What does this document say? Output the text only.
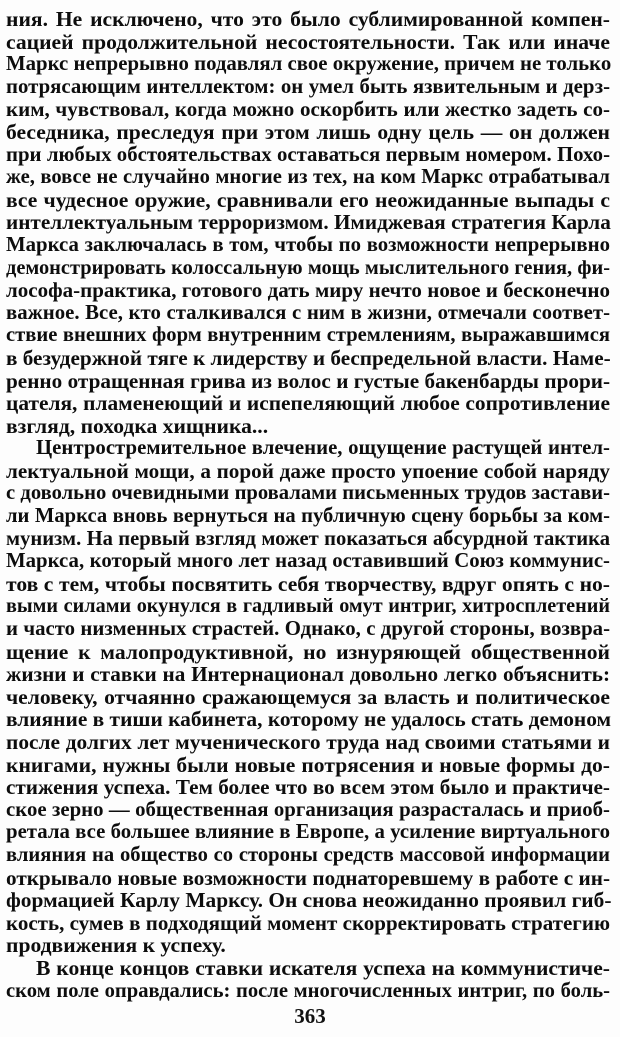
ния. Не исключено, что это было сублимированной компен-
сацией продолжительной несостоятельности. Так или иначе
Маркс непрерывно подавлял свое окружение, причем не только
потрясающим интеллектом: он умел быть язвительным и дерз-
ким, чувствовал, когда можно оскорбить или жестко задеть со-
беседника, преследуя при этом лишь одну цель — он должен
при любых обстоятельствах оставаться первым номером. Похо-
же, вовсе не случайно многие из тех, на ком Маркс отрабатывал
все чудесное оружие, сравнивали его неожиданные выпады с
интеллектуальным терроризмом. Имиджевая стратегия Карла
Маркса заключалась в том, чтобы по возможности непрерывно
демонстрировать колоссальную мощь мыслительного гения, фи-
лософа-практика, готового дать миру нечто новое и бесконечно
важное. Все, кто сталкивался с ним в жизни, отмечали соответ-
ствие внешних форм внутренним стремлениям, выражавшимся
в безудержной тяге к лидерству и беспредельной власти. Наме-
ренно отращенная грива из волос и густые бакенбарды прори-
цателя, пламенеющий и испепеляющий любое сопротивление
взгляд, походка хищника...
Центростремительное влечение, ощущение растущей интел-
лектуальной мощи, а порой даже просто упоение собой наряду
с довольно очевидными провалами письменных трудов застави-
ли Маркса вновь вернуться на публичную сцену борьбы за ком-
мунизм. На первый взгляд может показаться абсурдной тактика
Маркса, который много лет назад оставивший Союз коммунис-
тов с тем, чтобы посвятить себя творчеству, вдруг опять с но-
выми силами окунулся в гадливый омут интриг, хитросплетений
и часто низменных страстей. Однако, с другой стороны, возвра-
щение к малопродуктивной, но изнуряющей общественной
жизни и ставки на Интернационал довольно легко объяснить:
человеку, отчаянно сражающемуся за власть и политическое
влияние в тиши кабинета, которому не удалось стать демоном
после долгих лет мученического труда над своими статьями и
книгами, нужны были новые потрясения и новые формы до-
стижения успеха. Тем более что во всем этом было и практиче-
ское зерно — общественная организация разрасталась и приоб-
ретала все большее влияние в Европе, а усиление виртуального
влияния на общество со стороны средств массовой информации
открывало новые возможности поднаторевшему в работе с ин-
формацией Карлу Марксу. Он снова неожиданно проявил гиб-
кость, сумев в подходящий момент скорректировать стратегию
продвижения к успеху.
В конце концов ставки искателя успеха на коммунистиче-
ском поле оправдались: после многочисленных интриг, по боль-
363
